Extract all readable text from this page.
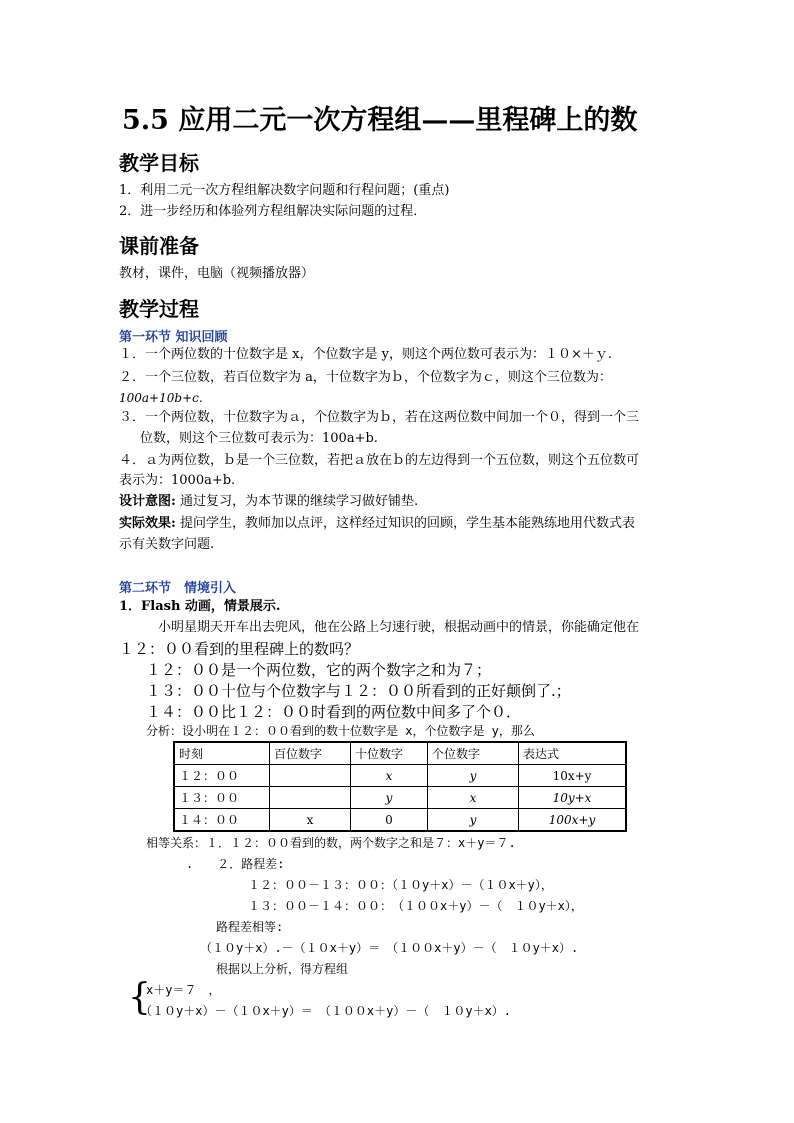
5.5 应用二元一次方程组——里程碑上的数
教学目标
1．利用二元一次方程组解决数字问题和行程问题；(重点)
2．进一步经历和体验列方程组解决实际问题的过程．
课前准备
教材，课件，电脑（视频播放器）
教学过程
第一环节 知识回顾
１．一个两位数的十位数字是 x，个位数字是 y，则这个两位数可表示为：１０×＋ｙ.
２．一个三位数，若百位数字为 a，十位数字为ｂ，个位数字为ｃ，则这个三位数为：
100a+10b+c.
３．一个两位数，十位数字为ａ，个位数字为ｂ，若在这两位数中间加一个０，得到一个三
位数，则这个三位数可表示为：100a+b.
４．ａ为两位数，ｂ是一个三位数，若把ａ放在ｂ的左边得到一个五位数，则这个五位数可
表示为：1000a+b.
设计意图: 通过复习，为本节课的继续学习做好铺垫.
实际效果: 提问学生，教师加以点评，这样经过知识的回顾，学生基本能熟练地用代数式表
示有关数字问题.
第二环节　情境引入
1．Flash 动画，情景展示.
小明星期天开车出去兜风，他在公路上匀速行驶，根据动画中的情景，你能确定他在
１２：００看到的里程碑上的数吗？
１２：００是一个两位数，它的两个数字之和为７；
１３：００十位与个位数字与１２：００所看到的正好颠倒了.；
１４：００比１２：００时看到的两位数中间多了个０．
分析：设小明在１２：００看到的数十位数字是 x，个位数字是 y，那么
时刻	百位数字	十位数字	个位数字	表达式
１２：００		x	y	10x+y
１３：００		y	x	10y+x
１４：００	x	0	y	100x+y
相等关系：１．１２：００看到的数，两个数字之和是７：x＋y＝７.
.　　２．路程差:
１２：００－１３：００：（１０y＋x）－（１０x＋y），
１３：００－１４：００：　（１００x＋y）－（　１０y＋x），
路程差相等:
（１０y＋x）.－（１０x＋y）＝　（１００x＋y）－（　１０y＋x）.
根据以上分析，得方程组
{
x＋y＝７　，
（１０y＋x）－（１０x＋y）＝　（１００x＋y）－（　１０y＋x）.
